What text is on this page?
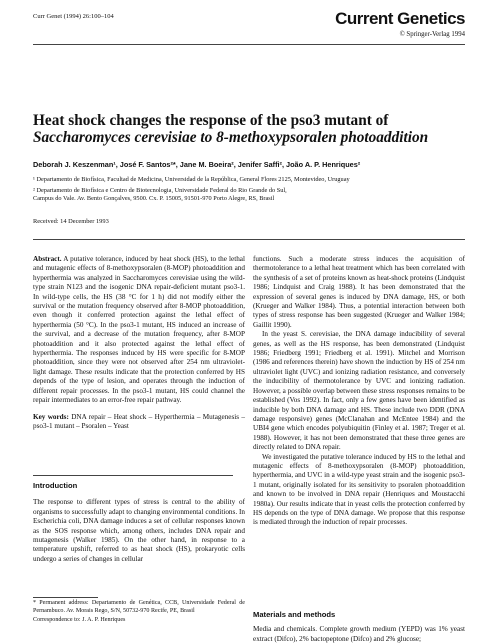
Curr Genet (1994) 26:100–104	Current Genetics
© Springer-Verlag 1994
Heat shock changes the response of the pso3 mutant of
Saccharomyces cerevisiae to 8-methoxypsoralen photoaddition
Deborah J. Keszenman¹, José F. Santos²*, Jane M. Boeira², Jenifer Saffi², João A. P. Henriques²
¹ Departamento de Biofísica, Facultad de Medicina, Universidad de la República, General Flores 2125, Montevideo, Uruguay
² Departamento de Biofísica e Centro de Biotecnologia, Universidade Federal do Rio Grande do Sul,
Campus do Vale. Av. Bento Gonçalves, 9500. Cx. P. 15005, 91501-970 Porto Alegre, RS, Brasil
Received: 14 December 1993

Abstract. A putative tolerance, induced by heat shock (HS), to the lethal and mutagenic effects of 8-methoxypsoralen (8-MOP) photoaddition and hyperthermia was analyzed in Saccharomyces cerevisiae using the wild-type strain N123 and the isogenic DNA repair-deficient mutant pso3-1. In wild-type cells, the HS (38 °C for 1 h) did not modify either the survival or the mutation frequency observed after 8-MOP photoaddition, even though it conferred protection against the lethal effect of hyperthermia (50 °C). In the pso3-1 mutant, HS induced an increase of the survival, and a decrease of the mutation frequency, after 8-MOP photoaddition and it also protected against the lethal effect of hyperthermia. The responses induced by HS were specific for 8-MOP photoaddition, since they were not observed after 254 nm ultraviolet-light damage. These results indicate that the protection conferred by HS depends of the type of lesion, and operates through the induction of different repair processes. In the pso3-1 mutant, HS could channel the repair intermediates to an error-free repair pathway.

Key words: DNA repair – Heat shock – Hyperthermia – Mutagenesis – pso3-1 mutant – Psoralen – Yeast

Introduction

The response to different types of stress is central to the ability of organisms to successfully adapt to changing environmental conditions. In Escherichia coli, DNA damage induces a set of cellular responses known as the SOS response which, among others, includes DNA repair and mutagenesis (Walker 1985). On the other hand, in response to a temperature upshift, referred to as heat shock (HS), prokaryotic cells undergo a series of changes in cellular

* Permanent address: Departamento de Genética, CCB, Universidade Federal de Pernambuco. Av. Morais Rego, S/N, 50732-970 Recife, PE, Brasil

Correspondence to: J. A. P. Henriques

functions. Such a moderate stress induces the acquisition of thermotolerance to a lethal heat treatment which has been correlated with the synthesis of a set of proteins known as heat-shock proteins (Lindquist 1986; Lindquist and Craig 1988). It has been demonstrated that the expression of several genes is induced by DNA damage, HS, or both (Krueger and Walker 1984). Thus, a potential interaction between both types of stress response has been suggested (Krueger and Walker 1984; Gaillit 1990).

In the yeast S. cerevisiae, the DNA damage inducibility of several genes, as well as the HS response, has been demonstrated (Lindquist 1986; Friedberg 1991; Friedberg et al. 1991). Mitchel and Morrison (1986 and references therein) have shown the induction by HS of 254 nm ultraviolet light (UVC) and ionizing radiation resistance, and conversely the inducibility of thermotolerance by UVC and ionizing radiation. However, a possible overlap between these stress responses remains to be established (Vos 1992). In fact, only a few genes have been identified as inducible by both DNA damage and HS. These include two DDR (DNA damage responsive) genes (McClanahan and McEntee 1984) and the UBI4 gene which encodes polyubiquitin (Finley et al. 1987; Treger et al. 1988). However, it has not been demonstrated that these three genes are directly related to DNA repair.

We investigated the putative tolerance induced by HS to the lethal and mutagenic effects of 8-methoxypsoralen (8-MOP) photoaddition, hyperthermia, and UVC in a wild-type yeast strain and the isogenic pso3-1 mutant, originally isolated for its sensitivity to psoralen photoaddition and known to be involved in DNA repair (Henriques and Moustacchi 1980a). Our results indicate that in yeast cells the protection conferred by HS depends on the type of DNA damage. We propose that this response is mediated through the induction of repair processes.

Materials and methods

Media and chemicals. Complete growth medium (YEPD) was 1% yeast extract (Difco), 2% bactopeptone (Difco) and 2% glucose;
